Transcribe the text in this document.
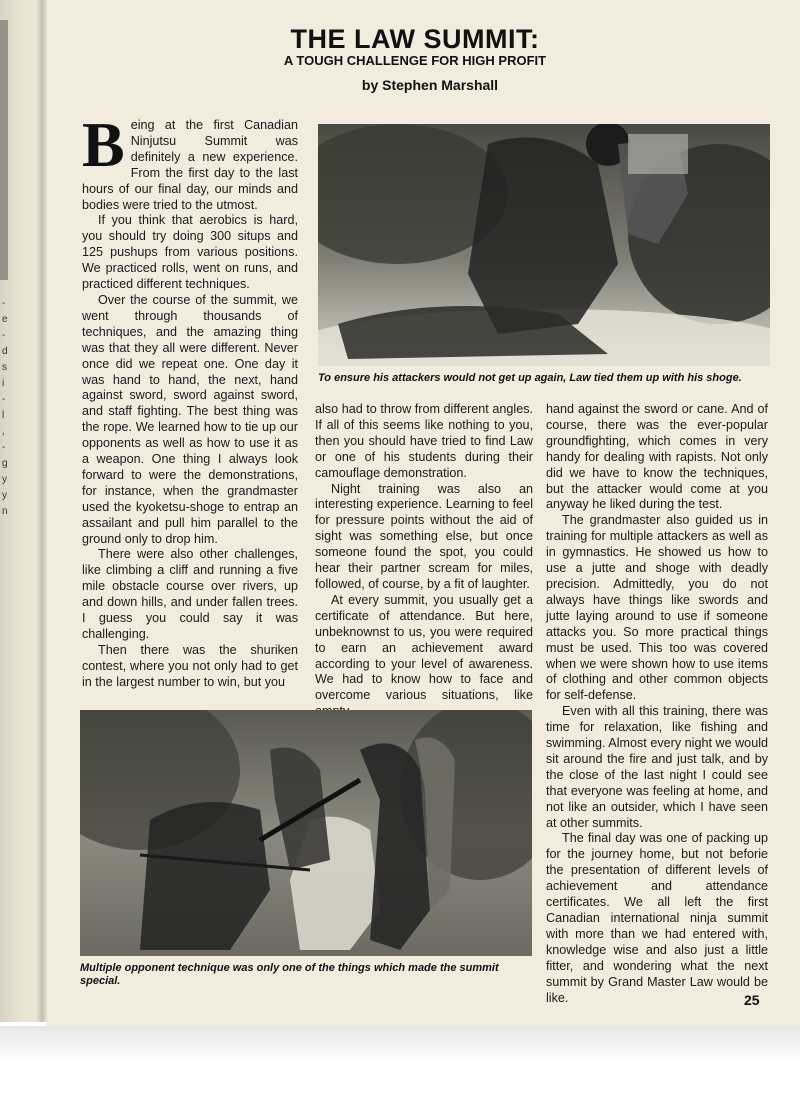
-
e
-
d
s
i
-
l
,
-
g
y
y
n
THE LAW SUMMIT:
A TOUGH CHALLENGE FOR HIGH PROFIT
by Stephen Marshall
To ensure his attackers would not get up again, Law tied them up with his shoge.

Being at the first Canadian Ninjutsu Summit was definitely a new experience. From the first day to the last hours of our final day, our minds and bodies were tried to the utmost.

If you think that aerobics is hard, you should try doing 300 situps and 125 pushups from various positions. We practiced rolls, went on runs, and practiced different techniques.

Over the course of the summit, we went through thousands of techniques, and the amazing thing was that they all were different. Never once did we repeat one. One day it was hand to hand, the next, hand against sword, sword against sword, and staff fighting. The best thing was the rope. We learned how to tie up our opponents as well as how to use it as a weapon. One thing I always look forward to were the demonstrations, for instance, when the grandmaster used the kyoketsu-shoge to entrap an assailant and pull him parallel to the ground only to drop him.

There were also other challenges, like climbing a cliff and running a five mile obstacle course over rivers, up and down hills, and under fallen trees. I guess you could say it was challenging.

Then there was the shuriken contest, where you not only had to get in the largest number to win, but you

also had to throw from different angles. If all of this seems like nothing to you, then you should have tried to find Law or one of his students during their camouflage demonstration.

Night training was also an interesting experience. Learning to feel for pressure points without the aid of sight was something else, but once someone found the spot, you could hear their partner scream for miles, followed, of course, by a fit of laughter.

At every summit, you usually get a certificate of attendance. But here, unbeknownst to us, you were required to earn an achievement award according to your level of awareness. We had to know how to face and overcome various situations, like

hand against the sword or cane. And of course, there was the ever-popular groundfighting, which comes in very handy for dealing with rapists. Not only did we have to know the techniques, but the attacker would come at you anyway he liked during the test.

The grandmaster also guided us in training for multiple attackers as well as in gymnastics. He showed us how to use a jutte and shoge with deadly precision. Admittedly, you do not always have things like swords and jutte laying around to use if someone attacks you. So more practical things must be used. This too was covered when we were shown how to use items of clothing and other common objects for self-defense.

Even with all this training, there was time for relaxation, like fishing and swimming. Almost every night we would sit around the fire and just talk, and by the close of the last night I could see that everyone was feeling at home, and not like an outsider, which I have seen at other summits.

The final day was one of packing up for the journey home, but not beforie the presentation of different levels of achievement and attendance certificates. We all left the first Canadian international ninja summit with more than we had entered with, knowledge wise and also just a little fitter, and wondering what the next summit by Grand Master Law would be like.

Multiple opponent technique was only one of the things which made the summit special.
25
